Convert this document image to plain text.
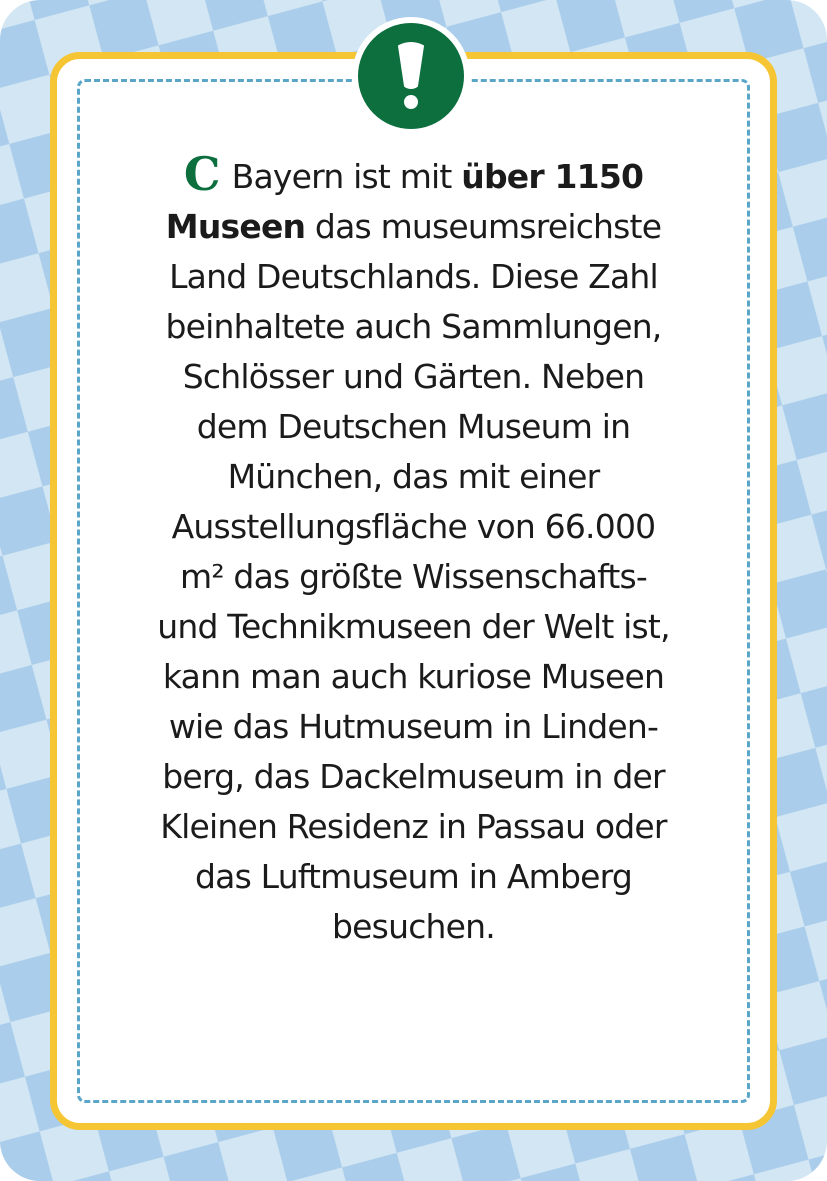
C Bayern ist mit über 1150
Museen das museumsreichste
Land Deutschlands. Diese Zahl
beinhaltete auch Sammlungen,
Schlösser und Gärten. Neben
dem Deutschen Museum in
München, das mit einer
Ausstellungsfläche von 66.000
m² das größte Wissenschafts-
und Technikmuseen der Welt ist,
kann man auch kuriose Museen
wie das Hutmuseum in Linden-
berg, das Dackelmuseum in der
Kleinen Residenz in Passau oder
das Luftmuseum in Amberg
besuchen.
